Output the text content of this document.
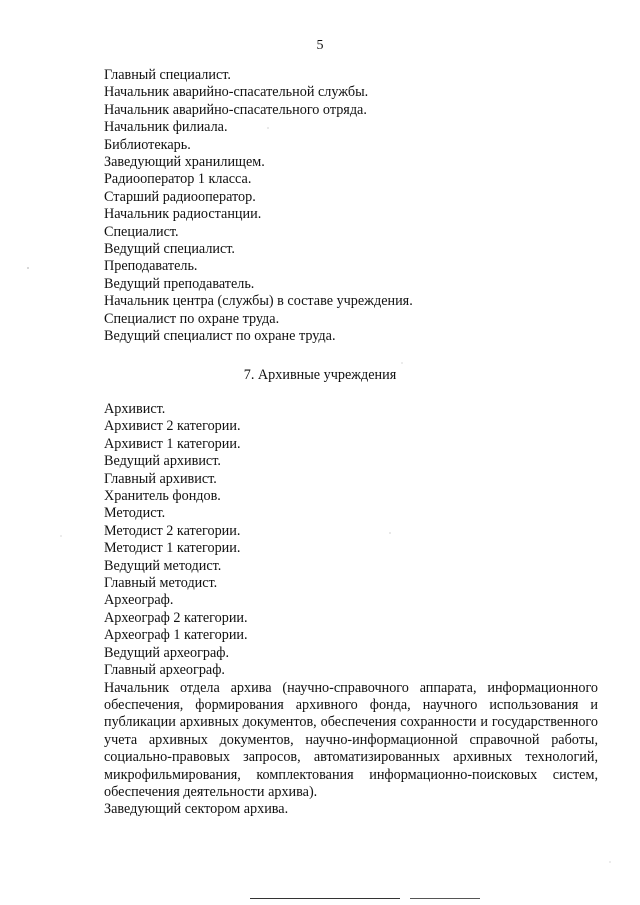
5
Главный специалист.
Начальник аварийно-спасательной службы.
Начальник аварийно-спасательного отряда.
Начальник филиала.
Библиотекарь.
Заведующий хранилищем.
Радиооператор 1 класса.
Старший радиооператор.
Начальник радиостанции.
Специалист.
Ведущий специалист.
Преподаватель.
Ведущий преподаватель.
Начальник центра (службы) в составе учреждения.
Специалист по охране труда.
Ведущий специалист по охране труда.
7. Архивные учреждения
Архивист.
Архивист 2 категории.
Архивист 1 категории.
Ведущий архивист.
Главный архивист.
Хранитель фондов.
Методист.
Методист 2 категории.
Методист 1 категории.
Ведущий методист.
Главный методист.
Археограф.
Археограф 2 категории.
Археограф 1 категории.
Ведущий археограф.
Главный археограф.
Начальник отдела архива (научно-справочного аппарата, информационного обеспечения, формирования архивного фонда, научного использования и публикации архивных документов, обеспечения сохранности и государственного учета архивных документов, научно-информационной справочной работы, социально-правовых запросов, автоматизированных архивных технологий, микрофильмирования, комплектования информационно-поисковых систем, обеспечения деятельности архива).
Заведующий сектором архива.
